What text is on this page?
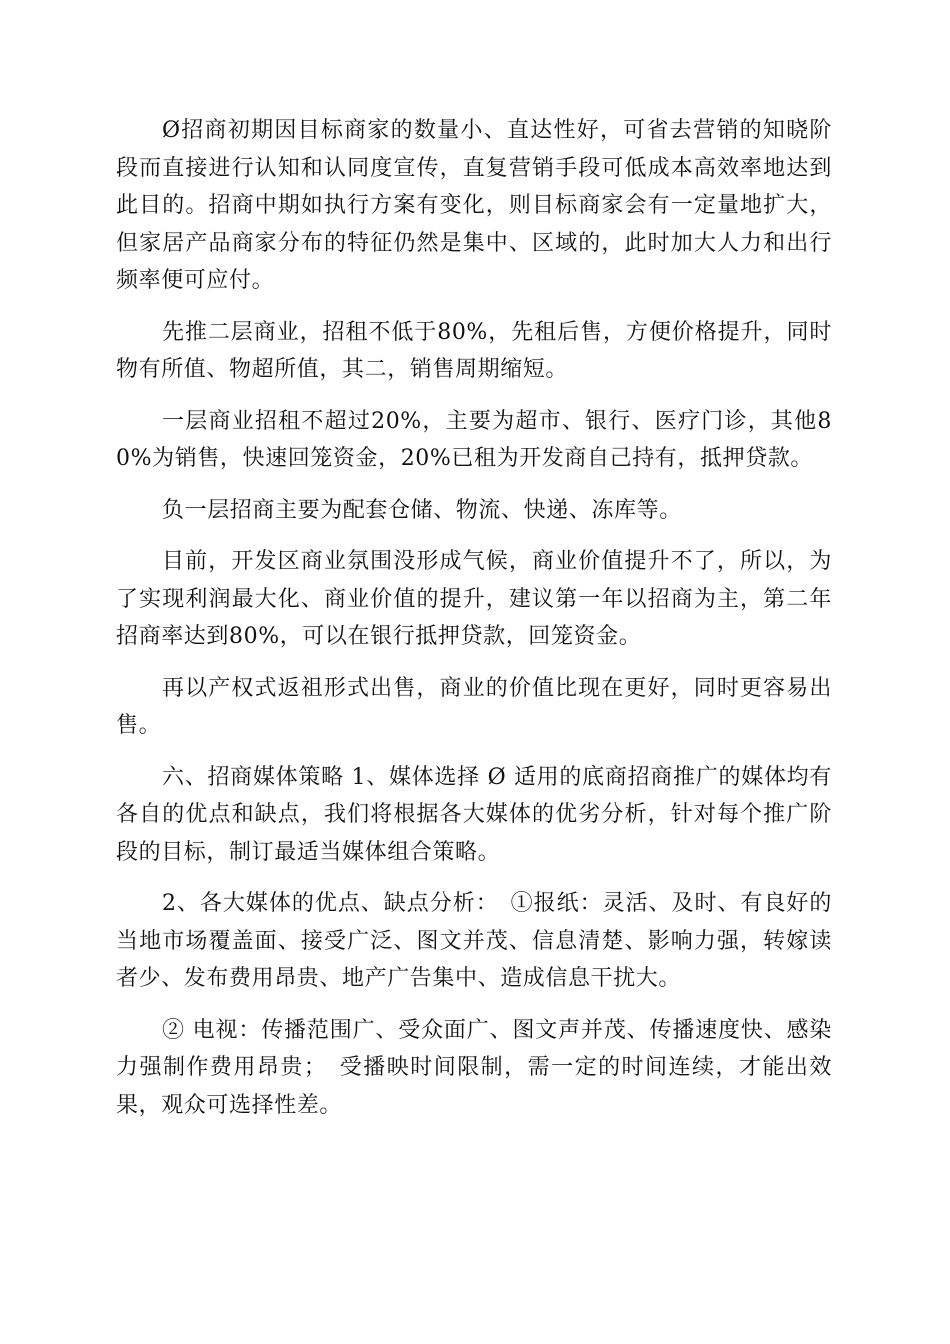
Ø招商初期因目标商家的数量小、直达性好，可省去营销的知晓阶段而直接进行认知和认同度宣传，直复营销手段可低成本高效率地达到此目的。招商中期如执行方案有变化，则目标商家会有一定量地扩大，但家居产品商家分布的特征仍然是集中、区域的，此时加大人力和出行频率便可应付。

先推二层商业，招租不低于80%，先租后售，方便价格提升，同时物有所值、物超所值，其二，销售周期缩短。

一层商业招租不超过20%，主要为超市、银行、医疗门诊，其他80%为销售，快速回笼资金，20%已租为开发商自己持有，抵押贷款。

负一层招商主要为配套仓储、物流、快递、冻库等。

目前，开发区商业氛围没形成气候，商业价值提升不了，所以，为了实现利润最大化、商业价值的提升，建议第一年以招商为主，第二年招商率达到80%，可以在银行抵押贷款，回笼资金。

再以产权式返祖形式出售，商业的价值比现在更好，同时更容易出售。

六、招商媒体策略 1、媒体选择 Ø 适用的底商招商推广的媒体均有各自的优点和缺点，我们将根据各大媒体的优劣分析，针对每个推广阶段的目标，制订最适当媒体组合策略。

2、各大媒体的优点、缺点分析：　①报纸：灵活、及时、有良好的当地市场覆盖面、接受广泛、图文并茂、信息清楚、影响力强，转嫁读者少、发布费用昂贵、地产广告集中、造成信息干扰大。

② 电视：传播范围广、受众面广、图文声并茂、传播速度快、感染力强制作费用昂贵；　受播映时间限制，需一定的时间连续，才能出效果，观众可选择性差。
